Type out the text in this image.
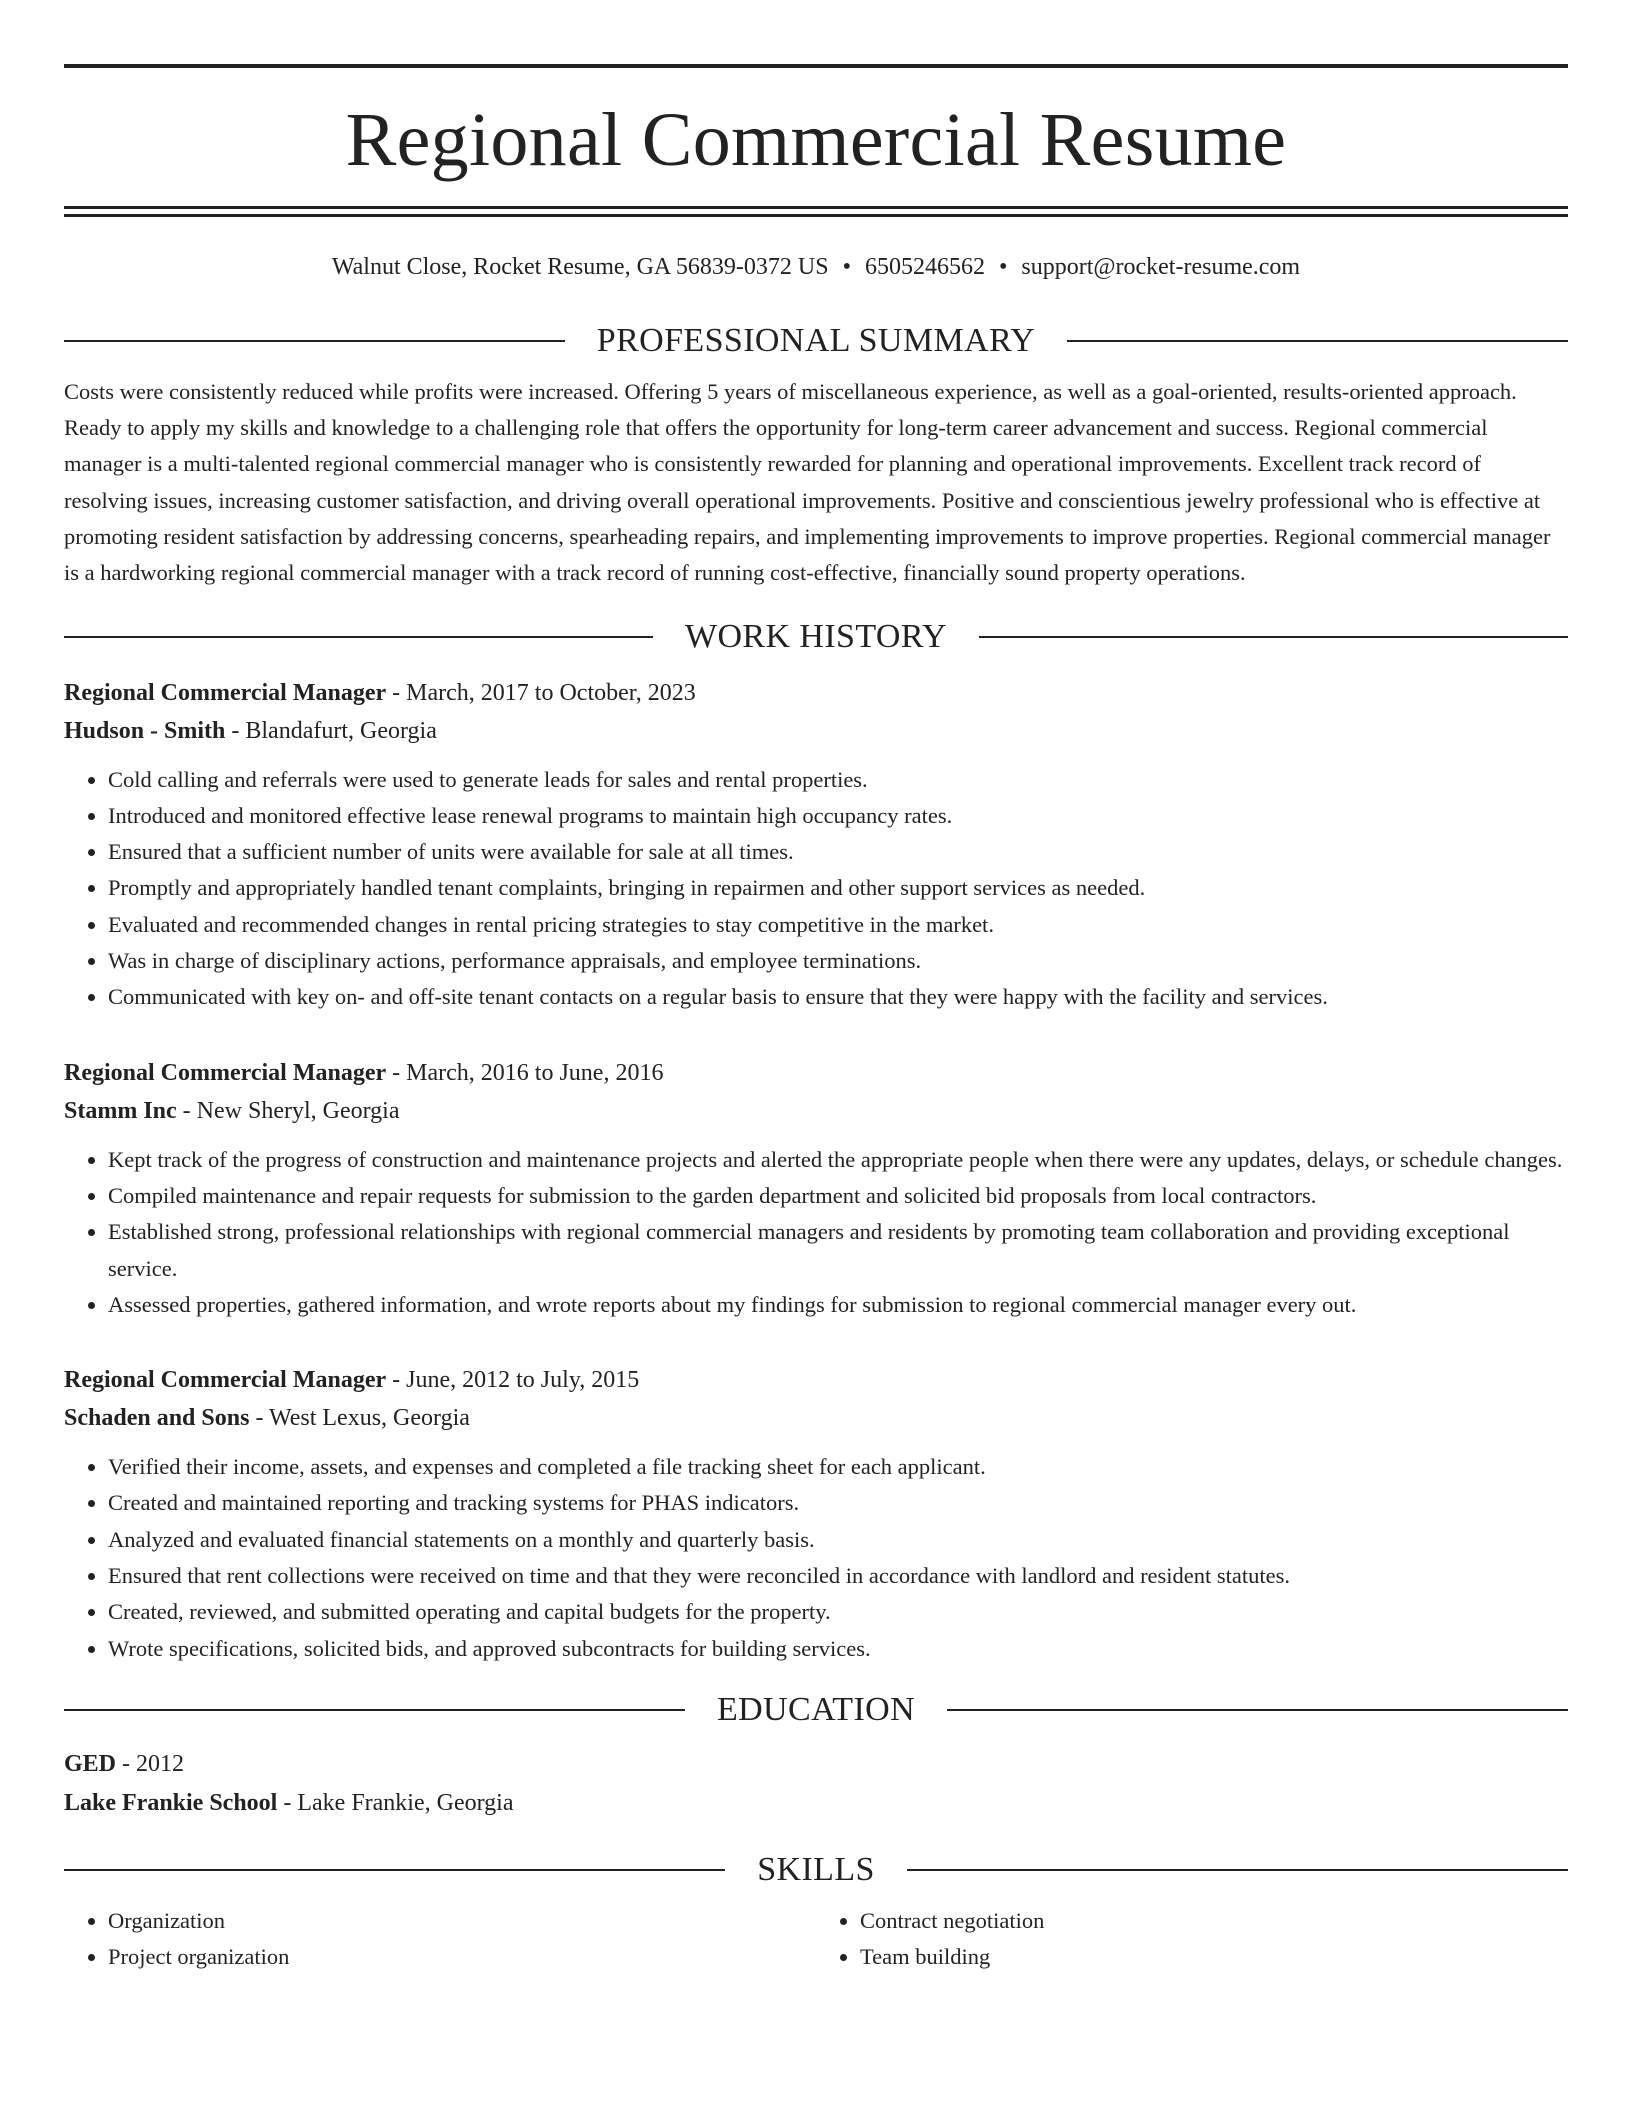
Regional Commercial Resume
Walnut Close, Rocket Resume, GA 56839-0372 US • 6505246562 • support@rocket-resume.com
PROFESSIONAL SUMMARY

Costs were consistently reduced while profits were increased. Offering 5 years of miscellaneous experience, as well as a goal-oriented, results-oriented approach. Ready to apply my skills and knowledge to a challenging role that offers the opportunity for long-term career advancement and success. Regional commercial manager is a multi-talented regional commercial manager who is consistently rewarded for planning and operational improvements. Excellent track record of resolving issues, increasing customer satisfaction, and driving overall operational improvements. Positive and conscientious jewelry professional who is effective at promoting resident satisfaction by addressing concerns, spearheading repairs, and implementing improvements to improve properties. Regional commercial manager is a hardworking regional commercial manager with a track record of running cost-effective, financially sound property operations.

WORK HISTORY
Regional Commercial Manager - March, 2017 to October, 2023
Hudson - Smith - Blandafurt, Georgia
• Cold calling and referrals were used to generate leads for sales and rental properties.
• Introduced and monitored effective lease renewal programs to maintain high occupancy rates.
• Ensured that a sufficient number of units were available for sale at all times.
• Promptly and appropriately handled tenant complaints, bringing in repairmen and other support services as needed.
• Evaluated and recommended changes in rental pricing strategies to stay competitive in the market.
• Was in charge of disciplinary actions, performance appraisals, and employee terminations.
• Communicated with key on- and off-site tenant contacts on a regular basis to ensure that they were happy with the facility and services.
Regional Commercial Manager - March, 2016 to June, 2016
Stamm Inc - New Sheryl, Georgia
• Kept track of the progress of construction and maintenance projects and alerted the appropriate people when there were any updates, delays, or schedule changes.
• Compiled maintenance and repair requests for submission to the garden department and solicited bid proposals from local contractors.
• Established strong, professional relationships with regional commercial managers and residents by promoting team collaboration and providing exceptional service.
• Assessed properties, gathered information, and wrote reports about my findings for submission to regional commercial manager every out.
Regional Commercial Manager - June, 2012 to July, 2015
Schaden and Sons - West Lexus, Georgia
• Verified their income, assets, and expenses and completed a file tracking sheet for each applicant.
• Created and maintained reporting and tracking systems for PHAS indicators.
• Analyzed and evaluated financial statements on a monthly and quarterly basis.
• Ensured that rent collections were received on time and that they were reconciled in accordance with landlord and resident statutes.
• Created, reviewed, and submitted operating and capital budgets for the property.
• Wrote specifications, solicited bids, and approved subcontracts for building services.
EDUCATION
GED - 2012
Lake Frankie School - Lake Frankie, Georgia
SKILLS
• Organization
• Project organization
• Contract negotiation
• Team building
